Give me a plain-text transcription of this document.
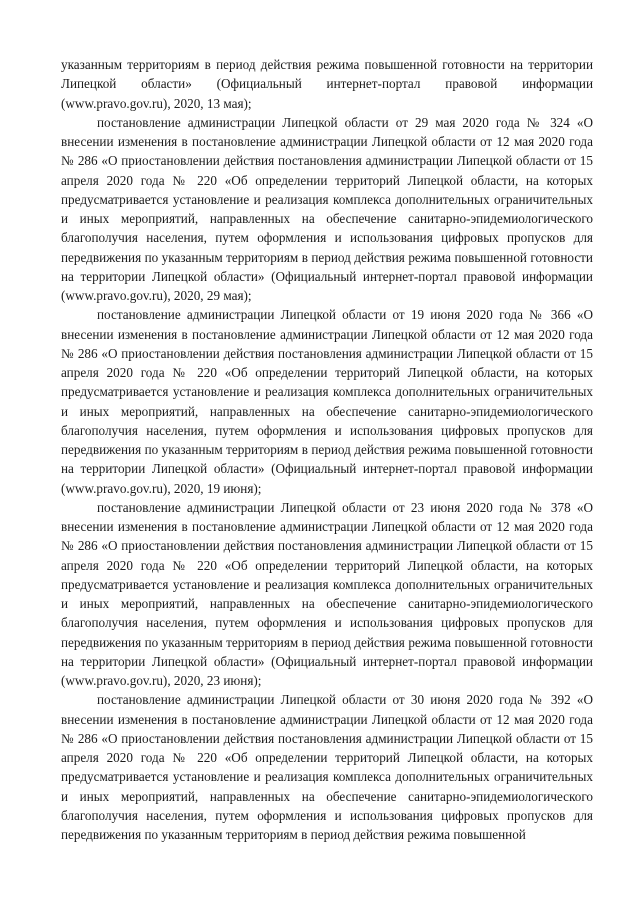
указанным территориям в период действия режима повышенной готовности на территории Липецкой области» (Официальный интернет-портал правовой информации (www.pravo.gov.ru), 2020, 13 мая);

постановление администрации Липецкой области от 29 мая 2020 года № 324 «О внесении изменения в постановление администрации Липецкой области от 12 мая 2020 года № 286 «О приостановлении действия постановления администрации Липецкой области от 15 апреля 2020 года № 220 «Об определении территорий Липецкой области, на которых предусматривается установление и реализация комплекса дополнительных ограничительных и иных мероприятий, направленных на обеспечение санитарно-эпидемиологического благополучия населения, путем оформления и использования цифровых пропусков для передвижения по указанным территориям в период действия режима повышенной готовности на территории Липецкой области» (Официальный интернет-портал правовой информации (www.pravo.gov.ru), 2020, 29 мая);

постановление администрации Липецкой области от 19 июня 2020 года № 366 «О внесении изменения в постановление администрации Липецкой области от 12 мая 2020 года № 286 «О приостановлении действия постановления администрации Липецкой области от 15 апреля 2020 года № 220 «Об определении территорий Липецкой области, на которых предусматривается установление и реализация комплекса дополнительных ограничительных и иных мероприятий, направленных на обеспечение санитарно-эпидемиологического благополучия населения, путем оформления и использования цифровых пропусков для передвижения по указанным территориям в период действия режима повышенной готовности на территории Липецкой области» (Официальный интернет-портал правовой информации (www.pravo.gov.ru), 2020, 19 июня);

постановление администрации Липецкой области от 23 июня 2020 года № 378 «О внесении изменения в постановление администрации Липецкой области от 12 мая 2020 года № 286 «О приостановлении действия постановления администрации Липецкой области от 15 апреля 2020 года № 220 «Об определении территорий Липецкой области, на которых предусматривается установление и реализация комплекса дополнительных ограничительных и иных мероприятий, направленных на обеспечение санитарно-эпидемиологического благополучия населения, путем оформления и использования цифровых пропусков для передвижения по указанным территориям в период действия режима повышенной готовности на территории Липецкой области» (Официальный интернет-портал правовой информации (www.pravo.gov.ru), 2020, 23 июня);

постановление администрации Липецкой области от 30 июня 2020 года № 392 «О внесении изменения в постановление администрации Липецкой области от 12 мая 2020 года № 286 «О приостановлении действия постановления администрации Липецкой области от 15 апреля 2020 года № 220 «Об определении территорий Липецкой области, на которых предусматривается установление и реализация комплекса дополнительных ограничительных и иных мероприятий, направленных на обеспечение санитарно-эпидемиологического благополучия населения, путем оформления и использования цифровых пропусков для передвижения по указанным территориям в период действия режима повышенной
